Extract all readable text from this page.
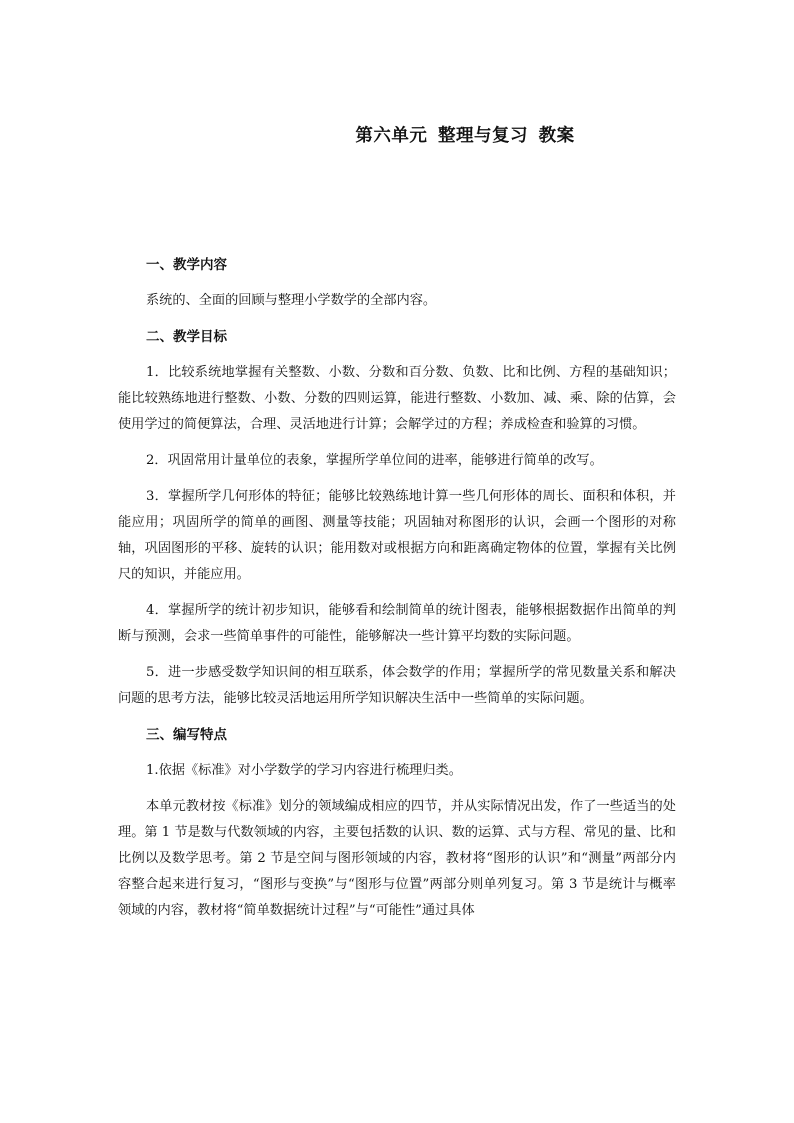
第六单元 整理与复习 教案
一、教学内容

系统的、全面的回顾与整理小学数学的全部内容。

二、教学目标

1．比较系统地掌握有关整数、小数、分数和百分数、负数、比和比例、方程的基础知识；能比较熟练地进行整数、小数、分数的四则运算，能进行整数、小数加、减、乘、除的估算，会使用学过的简便算法，合理、灵活地进行计算；会解学过的方程；养成检查和验算的习惯。

2．巩固常用计量单位的表象，掌握所学单位间的进率，能够进行简单的改写。

3．掌握所学几何形体的特征；能够比较熟练地计算一些几何形体的周长、面积和体积，并能应用；巩固所学的简单的画图、测量等技能；巩固轴对称图形的认识，会画一个图形的对称轴，巩固图形的平移、旋转的认识；能用数对或根据方向和距离确定物体的位置，掌握有关比例尺的知识，并能应用。

4．掌握所学的统计初步知识，能够看和绘制简单的统计图表，能够根据数据作出简单的判断与预测，会求一些简单事件的可能性，能够解决一些计算平均数的实际问题。

5．进一步感受数学知识间的相互联系，体会数学的作用；掌握所学的常见数量关系和解决问题的思考方法，能够比较灵活地运用所学知识解决生活中一些简单的实际问题。

三、编写特点

1.依据《标准》对小学数学的学习内容进行梳理归类。

本单元教材按《标准》划分的领域编成相应的四节，并从实际情况出发，作了一些适当的处理。第 1 节是数与代数领域的内容，主要包括数的认识、数的运算、式与方程、常见的量、比和比例以及数学思考。第 2 节是空间与图形领域的内容，教材将“图形的认识”和“测量”两部分内容整合起来进行复习，“图形与变换”与“图形与位置”两部分则单列复习。第 3 节是统计与概率领域的内容，教材将“简单数据统计过程”与“可能性”通过具体
